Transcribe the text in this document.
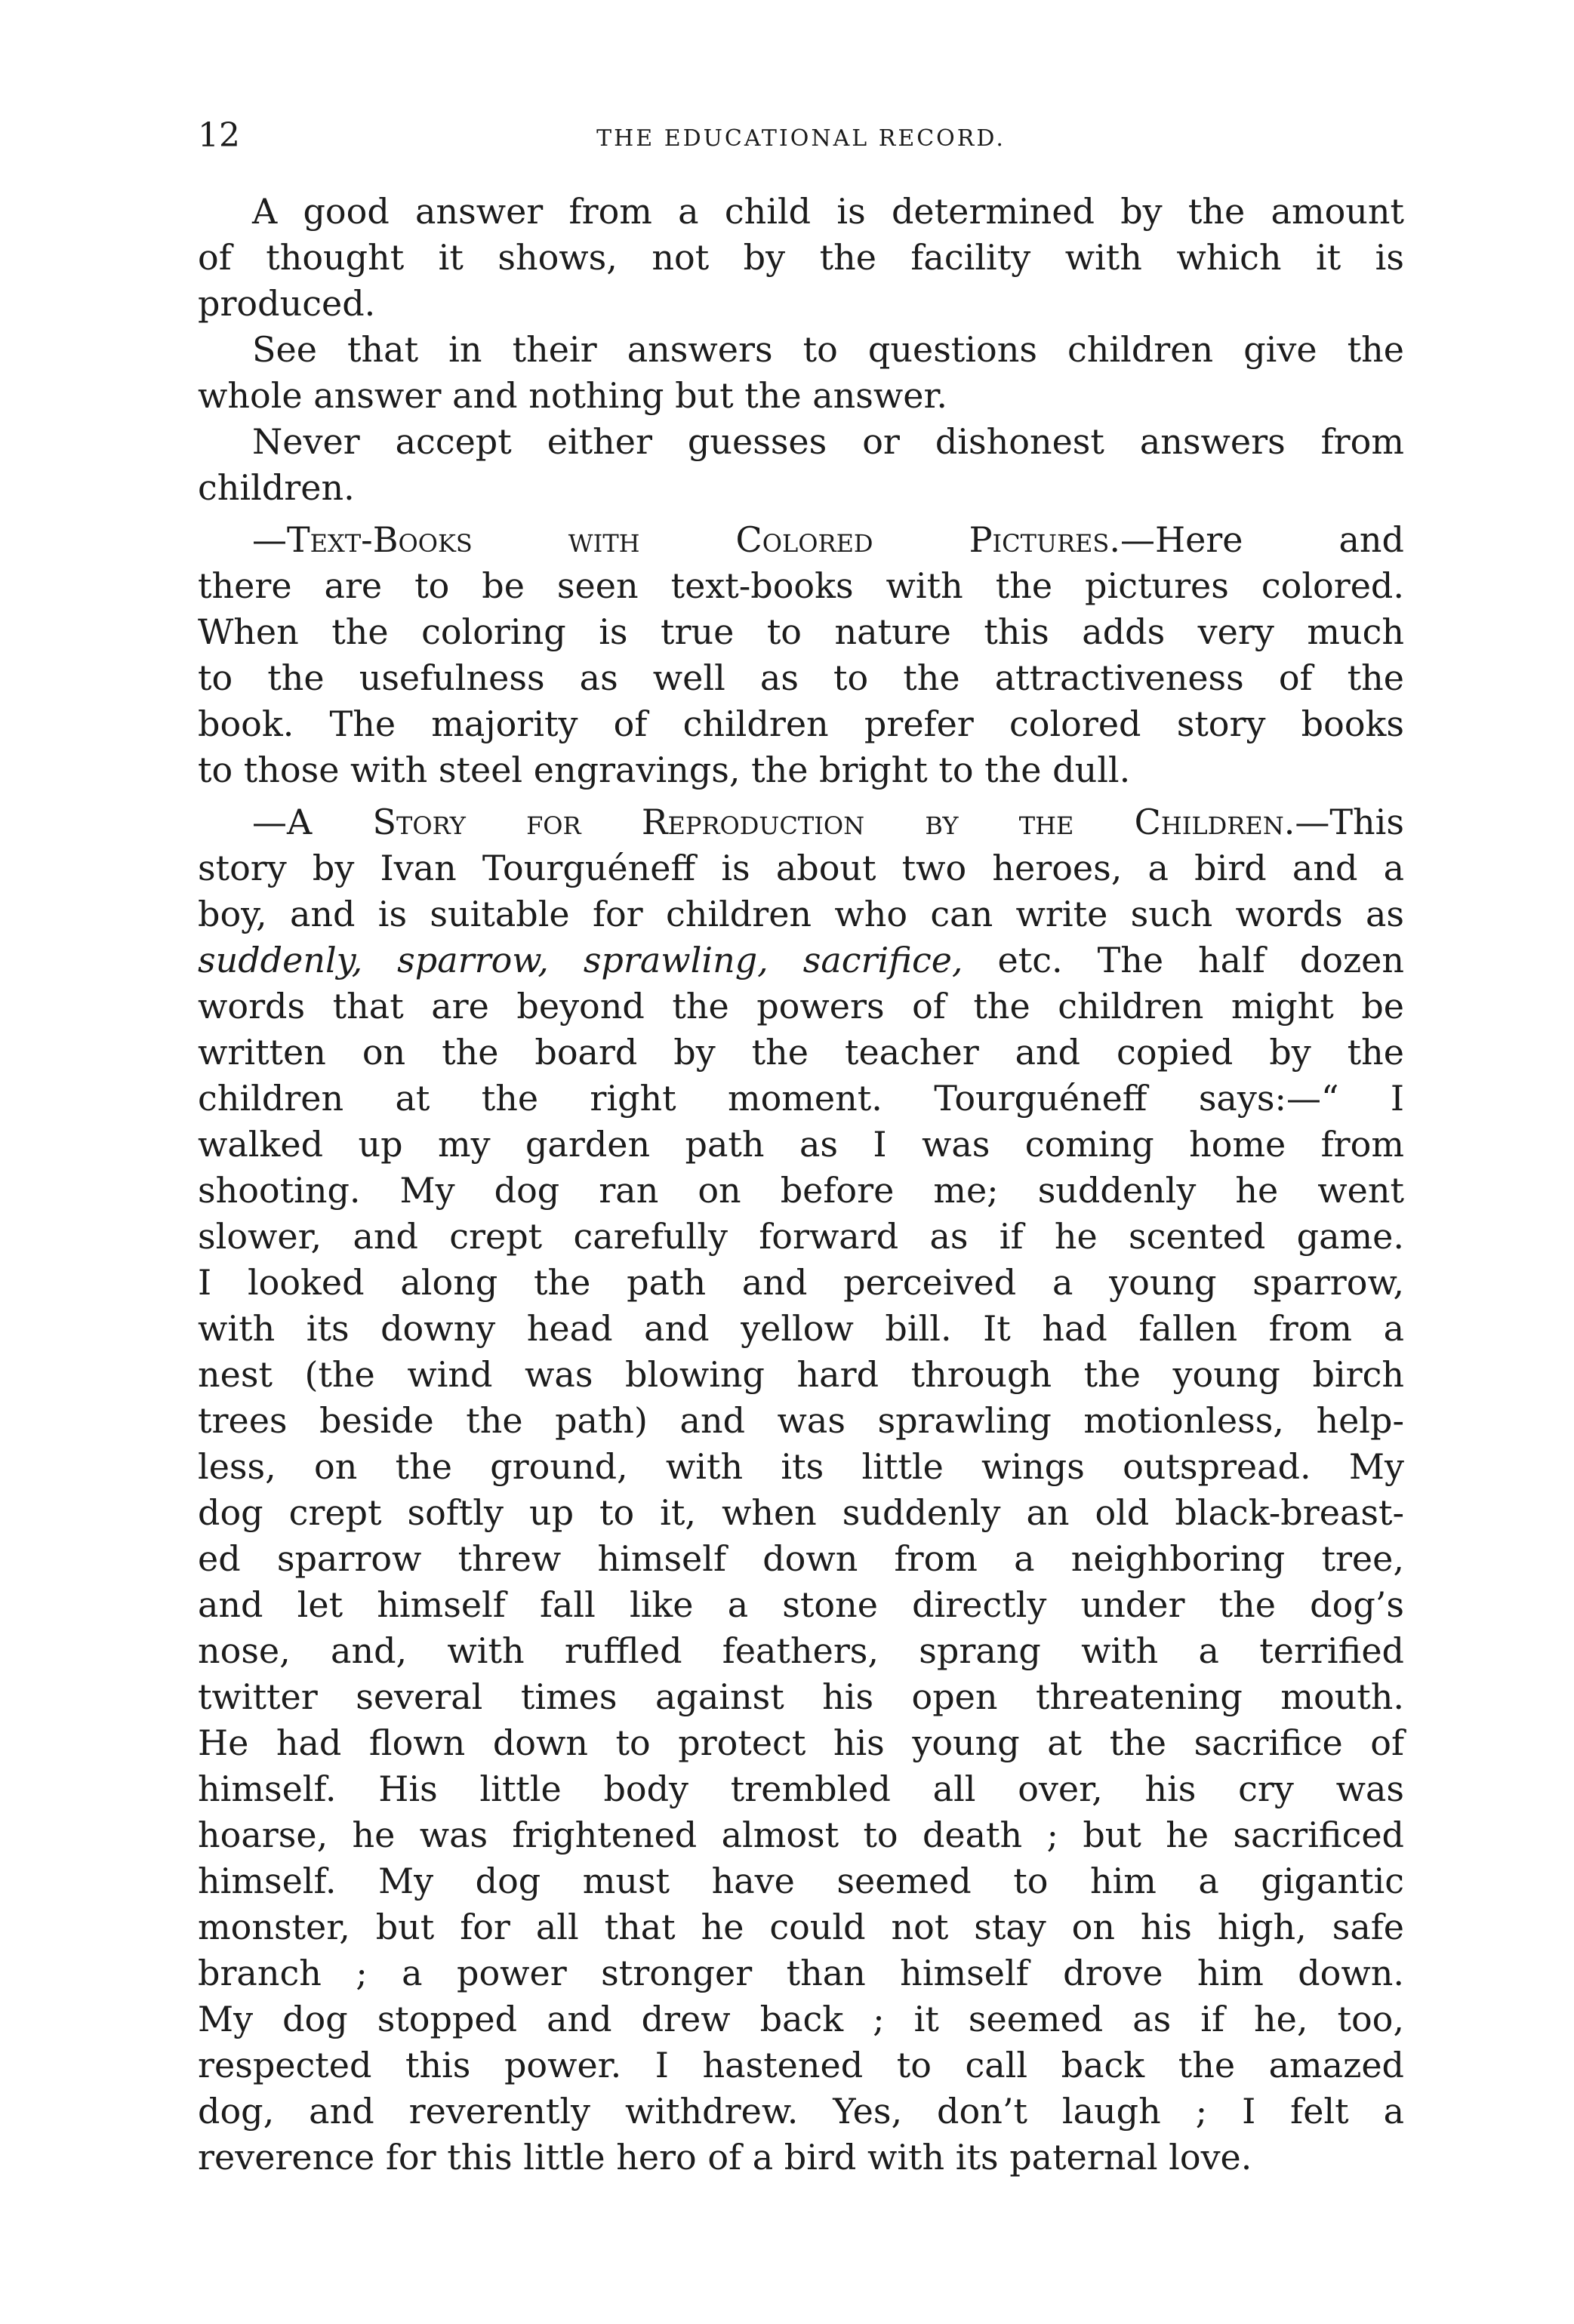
12	THE EDUCATIONAL RECORD.
A good answer from a child is determined by the amount
of thought it shows, not by the facility with which it is
produced.
See that in their answers to questions children give the
whole answer and nothing but the answer.
Never accept either guesses or dishonest answers from
children.
—Text-Books with Colored Pictures.—Here and
there are to be seen text-books with the pictures colored.
When the coloring is true to nature this adds very much
to the usefulness as well as to the attractiveness of the
book. The majority of children prefer colored story books
to those with steel engravings, the bright to the dull.
—A Story for Reproduction by the Children.—This
story by Ivan Tourguéneff is about two heroes, a bird and a
boy, and is suitable for children who can write such words as
suddenly, sparrow, sprawling, sacrifice, etc. The half dozen
words that are beyond the powers of the children might be
written on the board by the teacher and copied by the
children at the right moment. Tourguéneff says:—“ I
walked up my garden path as I was coming home from
shooting. My dog ran on before me; suddenly he went
slower, and crept carefully forward as if he scented game.
I looked along the path and perceived a young sparrow,
with its downy head and yellow bill. It had fallen from a
nest (the wind was blowing hard through the young birch
trees beside the path) and was sprawling motionless, help-
less, on the ground, with its little wings outspread. My
dog crept softly up to it, when suddenly an old black-breast-
ed sparrow threw himself down from a neighboring tree,
and let himself fall like a stone directly under the dog’s
nose, and, with ruffled feathers, sprang with a terrified
twitter several times against his open threatening mouth.
He had flown down to protect his young at the sacrifice of
himself. His little body trembled all over, his cry was
hoarse, he was frightened almost to death ; but he sacrificed
himself. My dog must have seemed to him a gigantic
monster, but for all that he could not stay on his high, safe
branch ; a power stronger than himself drove him down.
My dog stopped and drew back ; it seemed as if he, too,
respected this power. I hastened to call back the amazed
dog, and reverently withdrew. Yes, don’t laugh ; I felt a
reverence for this little hero of a bird with its paternal love.
